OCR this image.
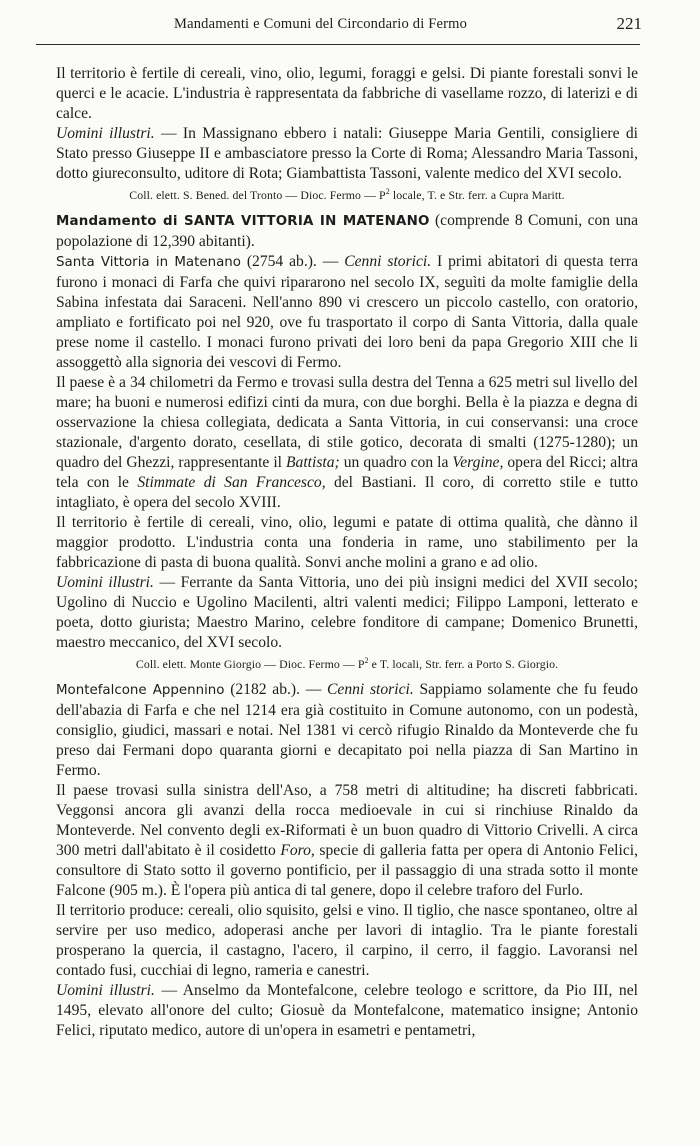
Mandamenti e Comuni del Circondario di Fermo	221

Il territorio è fertile di cereali, vino, olio, legumi, foraggi e gelsi. Di piante forestali sonvi le querci e le acacie. L'industria è rappresentata da fabbriche di vasellame rozzo, di laterizi e di calce.

Uomini illustri. — In Massignano ebbero i natali: Giuseppe Maria Gentili, consigliere di Stato presso Giuseppe II e ambasciatore presso la Corte di Roma; Alessandro Maria Tassoni, dotto giureconsulto, uditore di Rota; Giambattista Tassoni, valente medico del XVI secolo.

Coll. elett. S. Bened. del Tronto — Dioc. Fermo — $P^2$ locale, T. e Str. ferr. a Cupra Maritt.

Mandamento di SANTA VITTORIA IN MATENANO (comprende 8 Comuni, con una popolazione di 12,390 abitanti).

Santa Vittoria in Matenano (2754 ab.). — Cenni storici. I primi abitatori di questa terra furono i monaci di Farfa che quivi ripararono nel secolo IX, seguìti da molte famiglie della Sabina infestata dai Saraceni. Nell'anno 890 vi crescero un piccolo castello, con oratorio, ampliato e fortificato poi nel 920, ove fu trasportato il corpo di Santa Vittoria, dalla quale prese nome il castello. I monaci furono privati dei loro beni da papa Gregorio XIII che li assoggettò alla signoria dei vescovi di Fermo.

Il paese è a 34 chilometri da Fermo e trovasi sulla destra del Tenna a 625 metri sul livello del mare; ha buoni e numerosi edifizi cinti da mura, con due borghi. Bella è la piazza e degna di osservazione la chiesa collegiata, dedicata a Santa Vittoria, in cui conservansi: una croce stazionale, d'argento dorato, cesellata, di stile gotico, decorata di smalti (1275-1280); un quadro del Ghezzi, rappresentante il Battista; un quadro con la Vergine, opera del Ricci; altra tela con le Stimmate di San Francesco, del Bastiani. Il coro, di corretto stile e tutto intagliato, è opera del secolo XVIII.

Il territorio è fertile di cereali, vino, olio, legumi e patate di ottima qualità, che dànno il maggior prodotto. L'industria conta una fonderia in rame, uno stabilimento per la fabbricazione di pasta di buona qualità. Sonvi anche molini a grano e ad olio.

Uomini illustri. — Ferrante da Santa Vittoria, uno dei più insigni medici del XVII secolo; Ugolino di Nuccio e Ugolino Macilenti, altri valenti medici; Filippo Lamponi, letterato e poeta, dotto giurista; Maestro Marino, celebre fonditore di campane; Domenico Brunetti, maestro meccanico, del XVI secolo.

Coll. elett. Monte Giorgio — Dioc. Fermo — $P^2$ e T. locali, Str. ferr. a Porto S. Giorgio.

Montefalcone Appennino (2182 ab.). — Cenni storici. Sappiamo solamente che fu feudo dell'abazia di Farfa e che nel 1214 era già costituito in Comune autonomo, con un podestà, consiglio, giudici, massari e notai. Nel 1381 vi cercò rifugio Rinaldo da Monteverde che fu preso dai Fermani dopo quaranta giorni e decapitato poi nella piazza di San Martino in Fermo.

Il paese trovasi sulla sinistra dell'Aso, a 758 metri di altitudine; ha discreti fabbricati. Veggonsi ancora gli avanzi della rocca medioevale in cui si rinchiuse Rinaldo da Monteverde. Nel convento degli ex-Riformati è un buon quadro di Vittorio Crivelli. A circa 300 metri dall'abitato è il cosidetto Foro, specie di galleria fatta per opera di Antonio Felici, consultore di Stato sotto il governo pontificio, per il passaggio di una strada sotto il monte Falcone (905 m.). È l'opera più antica di tal genere, dopo il celebre traforo del Furlo.

Il territorio produce: cereali, olio squisito, gelsi e vino. Il tiglio, che nasce spontaneo, oltre al servire per uso medico, adoperasi anche per lavori di intaglio. Tra le piante forestali prosperano la quercia, il castagno, l'acero, il carpino, il cerro, il faggio. Lavoransi nel contado fusi, cucchiai di legno, rameria e canestri.

Uomini illustri. — Anselmo da Montefalcone, celebre teologo e scrittore, da Pio III, nel 1495, elevato all'onore del culto; Giosuè da Montefalcone, matematico insigne; Antonio Felici, riputato medico, autore di un'opera in esametri e pentametri,
